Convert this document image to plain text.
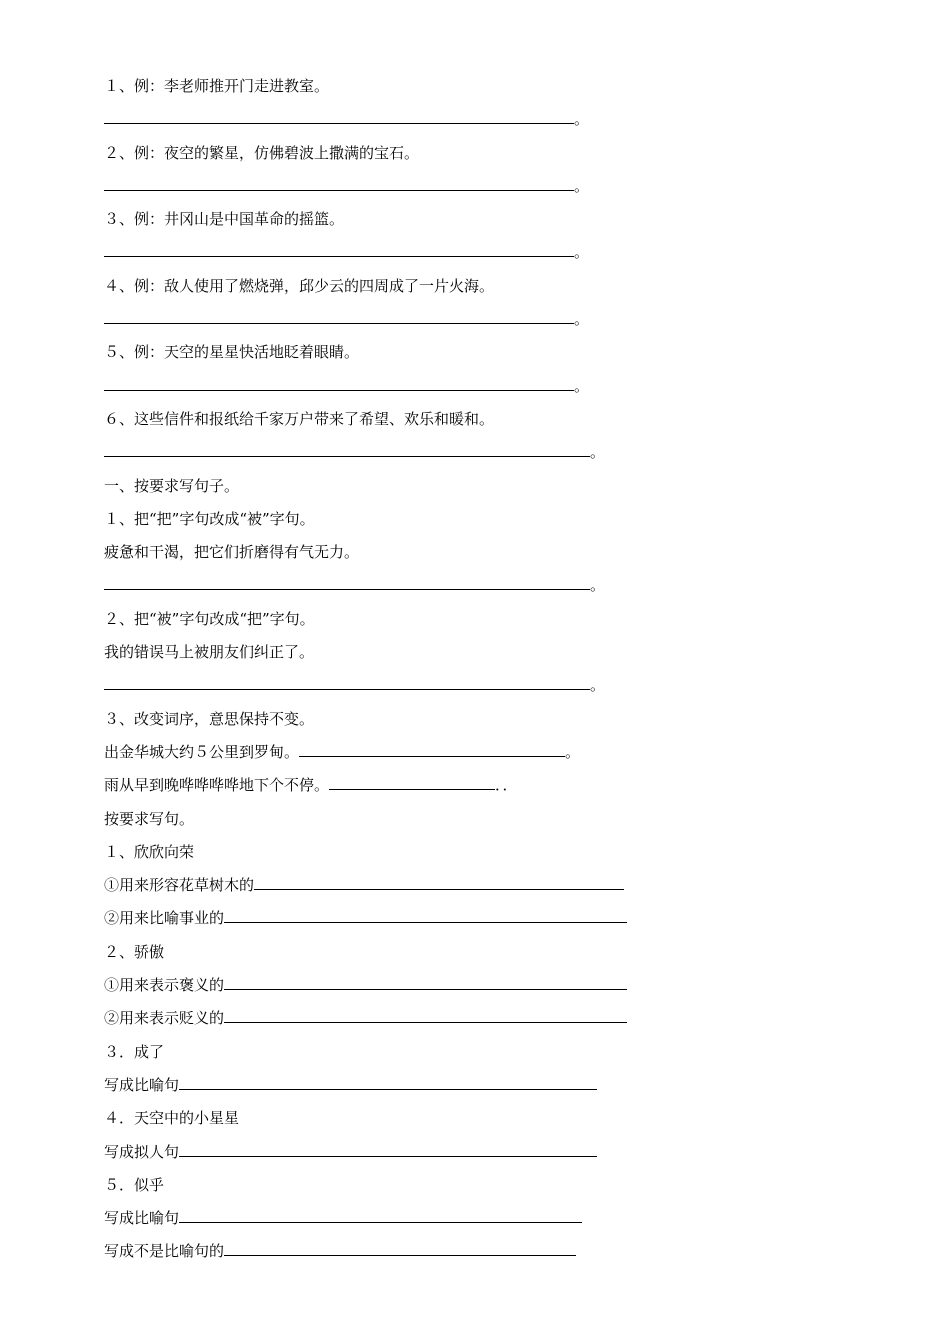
１、例：李老师推开门走进教室。
。
２、例：夜空的繁星，仿佛碧波上撒满的宝石。
。
３、例：井冈山是中国革命的摇篮。
。
４、例：敌人使用了燃烧弹，邱少云的四周成了一片火海。
。
５、例：天空的星星快活地眨着眼睛。
。
６、这些信件和报纸给千家万户带来了希望、欢乐和暖和。
。
一、按要求写句子。
１、把“把”字句改成“被”字句。
疲惫和干渴，把它们折磨得有气无力。
。
２、把“被”字句改成“把”字句。
我的错误马上被朋友们纠正了。
。
３、改变词序，意思保持不变。
出金华城大约５公里到罗甸。	。
雨从早到晚哗哗哗哗地下个不停。	．．
按要求写句。
１、欣欣向荣
①用来形容花草树木的
②用来比喻事业的
２、骄傲
①用来表示褒义的
②用来表示贬义的
３．成了
写成比喻句
４．天空中的小星星
写成拟人句
５．似乎
写成比喻句
写成不是比喻句的
